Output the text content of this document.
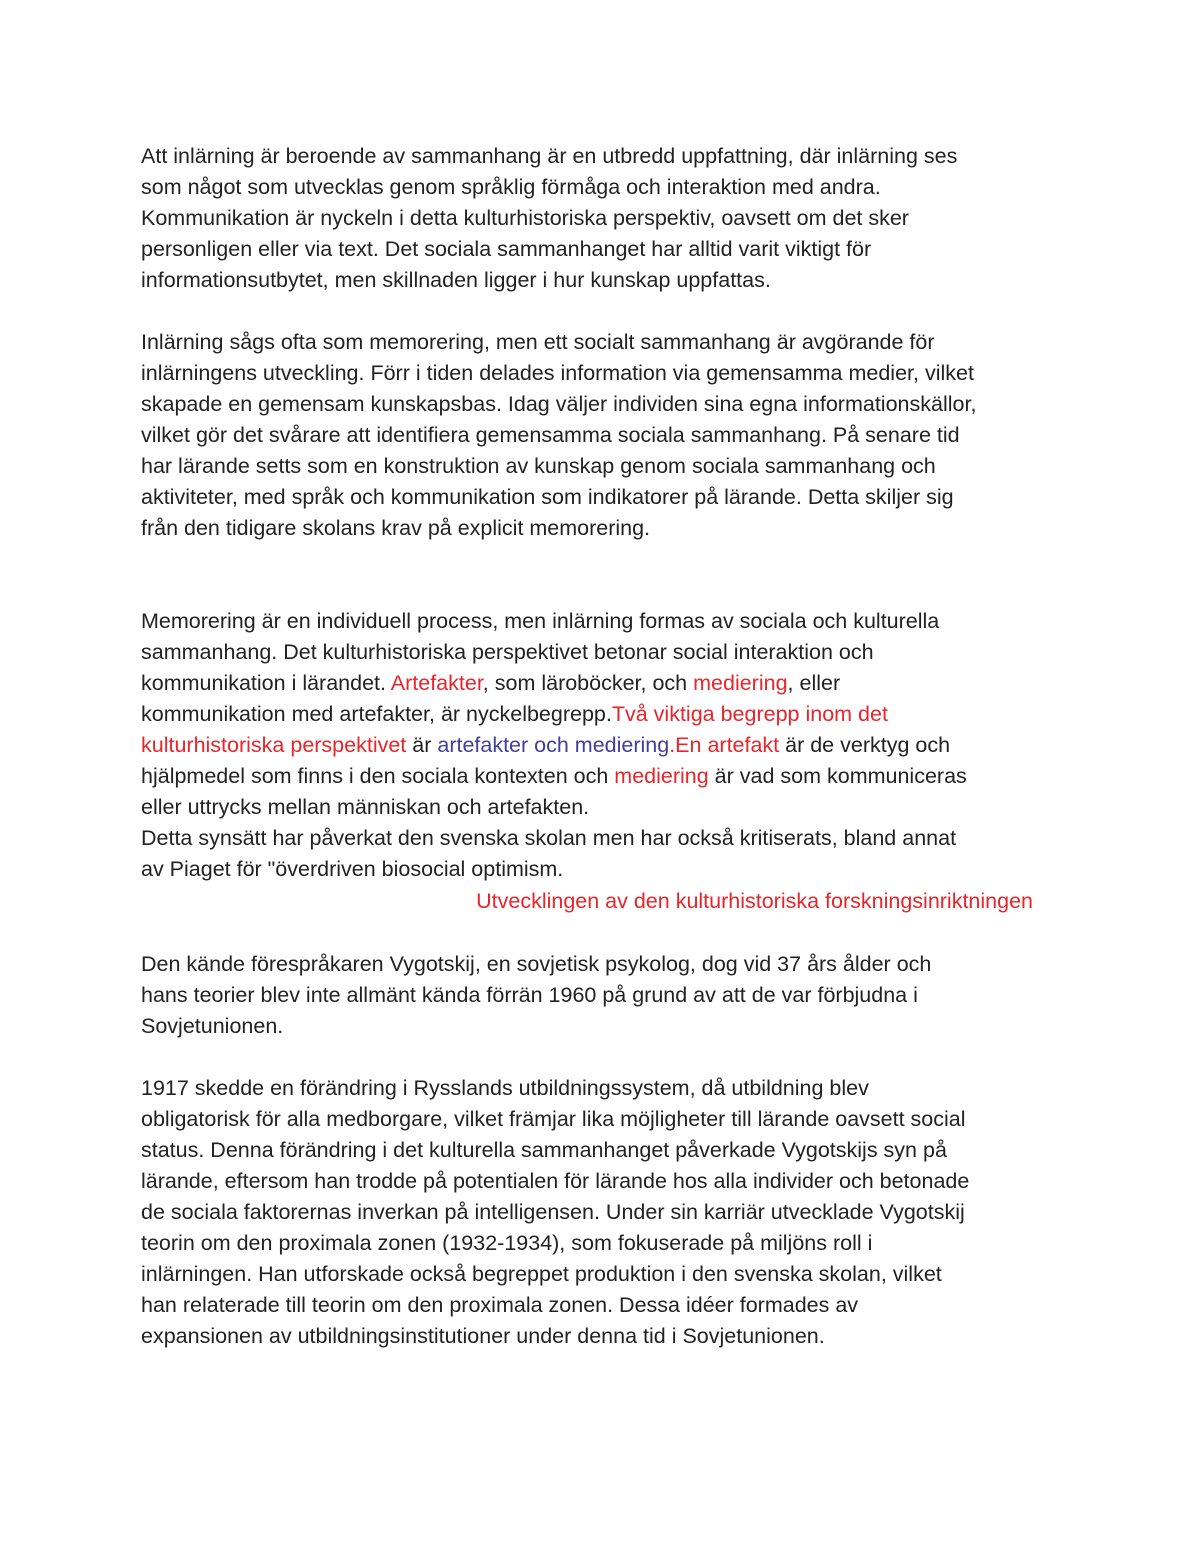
Att inlärning är beroende av sammanhang är en utbredd uppfattning, där inlärning ses
som något som utvecklas genom språklig förmåga och interaktion med andra.
Kommunikation är nyckeln i detta kulturhistoriska perspektiv, oavsett om det sker
personligen eller via text. Det sociala sammanhanget har alltid varit viktigt för
informationsutbytet, men skillnaden ligger i hur kunskap uppfattas.

Inlärning sågs ofta som memorering, men ett socialt sammanhang är avgörande för
inlärningens utveckling. Förr i tiden delades information via gemensamma medier, vilket
skapade en gemensam kunskapsbas. Idag väljer individen sina egna informationskällor,
vilket gör det svårare att identifiera gemensamma sociala sammanhang. På senare tid
har lärande setts som en konstruktion av kunskap genom sociala sammanhang och
aktiviteter, med språk och kommunikation som indikatorer på lärande. Detta skiljer sig
från den tidigare skolans krav på explicit memorering.

Memorering är en individuell process, men inlärning formas av sociala och kulturella
sammanhang. Det kulturhistoriska perspektivet betonar social interaktion och
kommunikation i lärandet. Artefakter, som läroböcker, och mediering, eller
kommunikation med artefakter, är nyckelbegrepp.Två viktiga begrepp inom det
kulturhistoriska perspektivet är artefakter och mediering.En artefakt är de verktyg och
hjälpmedel som finns i den sociala kontexten och mediering är vad som kommuniceras
eller uttrycks mellan människan och artefakten.
Detta synsätt har påverkat den svenska skolan men har också kritiserats, bland annat
av Piaget för "överdriven biosocial optimism.

Utvecklingen av den kulturhistoriska forskningsinriktningen

Den kände förespråkaren Vygotskij, en sovjetisk psykolog, dog vid 37 års ålder och
hans teorier blev inte allmänt kända förrän 1960 på grund av att de var förbjudna i
Sovjetunionen.

1917 skedde en förändring i Rysslands utbildningssystem, då utbildning blev
obligatorisk för alla medborgare, vilket främjar lika möjligheter till lärande oavsett social
status. Denna förändring i det kulturella sammanhanget påverkade Vygotskijs syn på
lärande, eftersom han trodde på potentialen för lärande hos alla individer och betonade
de sociala faktorernas inverkan på intelligensen. Under sin karriär utvecklade Vygotskij
teorin om den proximala zonen (1932-1934), som fokuserade på miljöns roll i
inlärningen. Han utforskade också begreppet produktion i den svenska skolan, vilket
han relaterade till teorin om den proximala zonen. Dessa idéer formades av
expansionen av utbildningsinstitutioner under denna tid i Sovjetunionen.
